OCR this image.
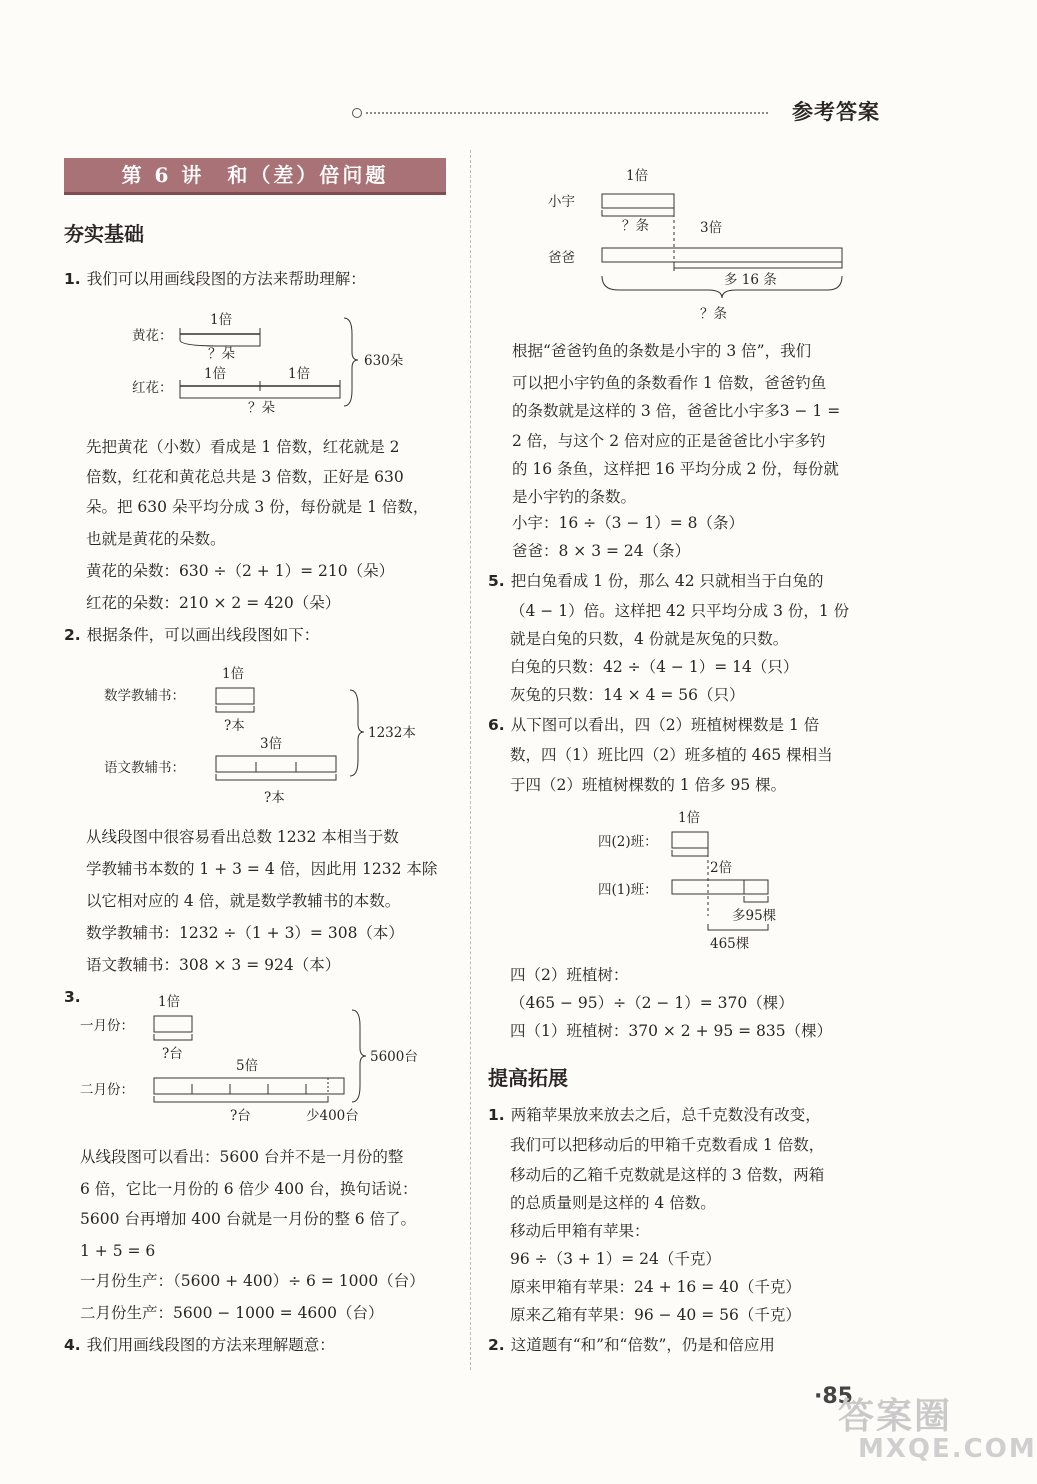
参考答案
第 6 讲　和（差）倍问题
夯实基础
1. 我们可以用画线段图的方法来帮助理解：
黄花：
1倍
？朵
红花：
1倍	1倍
？朵
630朵
先把黄花（小数）看成是 1 倍数，红花就是 2
倍数，红花和黄花总共是 3 倍数，正好是 630
朵。把 630 朵平均分成 3 份，每份就是 1 倍数，
也就是黄花的朵数。
黄花的朵数：630 ÷（2 + 1）= 210（朵）
红花的朵数：210 × 2 = 420（朵）
2. 根据条件，可以画出线段图如下：
1倍
数学教辅书：
?本
3倍
语文教辅书：
?本
1232本
从线段图中很容易看出总数 1232 本相当于数
学教辅书本数的 1 + 3 = 4 倍，因此用 1232 本除
以它相对应的 4 倍，就是数学教辅书的本数。
数学教辅书：1232 ÷（1 + 3）= 308（本）
语文教辅书：308 × 3 = 924（本）
3.	1倍
一月份：
?台
5倍
二月份：
?台	少400台
5600台
从线段图可以看出：5600 台并不是一月份的整
6 倍，它比一月份的 6 倍少 400 台，换句话说：
5600 台再增加 400 台就是一月份的整 6 倍了。
1 + 5 = 6
一月份生产：（5600 + 400）÷ 6 = 1000（台）
二月份生产：5600 − 1000 = 4600（台）
4. 我们用画线段图的方法来理解题意：
1倍
小宇
？条	3倍
爸爸
多 16 条
？条
根据“爸爸钓鱼的条数是小宇的 3 倍”，我们
可以把小宇钓鱼的条数看作 1 倍数，爸爸钓鱼
的条数就是这样的 3 倍，爸爸比小宇多3 − 1 =
2 倍，与这个 2 倍对应的正是爸爸比小宇多钓
的 16 条鱼，这样把 16 平均分成 2 份，每份就
是小宇钓的条数。
小宇：16 ÷（3 − 1）= 8（条）
爸爸：8 × 3 = 24（条）
5. 把白兔看成 1 份，那么 42 只就相当于白兔的
（4 − 1）倍。这样把 42 只平均分成 3 份，1 份
就是白兔的只数，4 份就是灰兔的只数。
白兔的只数：42 ÷（4 − 1）= 14（只）
灰兔的只数：14 × 4 = 56（只）
6. 从下图可以看出，四（2）班植树棵数是 1 倍
数，四（1）班比四（2）班多植的 465 棵相当
于四（2）班植树棵数的 1 倍多 95 棵。
1倍
四(2)班：
2倍
四(1)班：
多95棵
465棵
四（2）班植树：
（465 − 95）÷（2 − 1）= 370（棵）
四（1）班植树：370 × 2 + 95 = 835（棵）
提高拓展
1. 两箱苹果放来放去之后，总千克数没有改变，
我们可以把移动后的甲箱千克数看成 1 倍数，
移动后的乙箱千克数就是这样的 3 倍数，两箱
的总质量则是这样的 4 倍数。
移动后甲箱有苹果：
96 ÷（3 + 1）= 24（千克）
原来甲箱有苹果：24 + 16 = 40（千克）
原来乙箱有苹果：96 − 40 = 56（千克）
2. 这道题有“和”和“倍数”，仍是和倍应用
·85
答案圈
MXQE.COM
